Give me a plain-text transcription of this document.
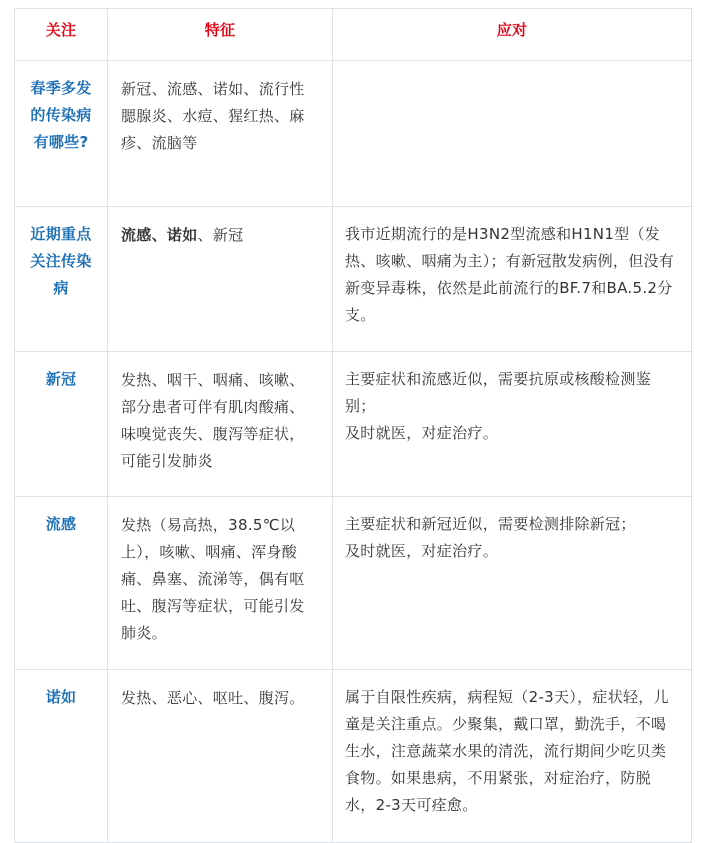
关注	特征	应对
春季多发的传染病有哪些?	新冠、流感、诺如、流行性腮腺炎、水痘、猩红热、麻疹、流脑等	

近期重点关注传染病	流感、诺如、新冠	我市近期流行的是H3N2型流感和H1N1型（发热、咳嗽、咽痛为主）；有新冠散发病例，但没有新变异毒株，依然是此前流行的BF.7和BA.5.2分支。

新冠	发热、咽干、咽痛、咳嗽、部分患者可伴有肌肉酸痛、味嗅觉丧失、腹泻等症状，可能引发肺炎	主要症状和流感近似，需要抗原或核酸检测鉴别；
及时就医，对症治疗。

流感	发热（易高热，38.5℃以上），咳嗽、咽痛、浑身酸痛、鼻塞、流涕等，偶有呕吐、腹泻等症状，可能引发肺炎。	主要症状和新冠近似，需要检测排除新冠；
及时就医，对症治疗。

诺如	发热、恶心、呕吐、腹泻。	属于自限性疾病，病程短（2-3天），症状轻，儿童是关注重点。少聚集，戴口罩，勤洗手，不喝生水，注意蔬菜水果的清洗，流行期间少吃贝类食物。如果患病，不用紧张，对症治疗，防脱水，2-3天可痊愈。
